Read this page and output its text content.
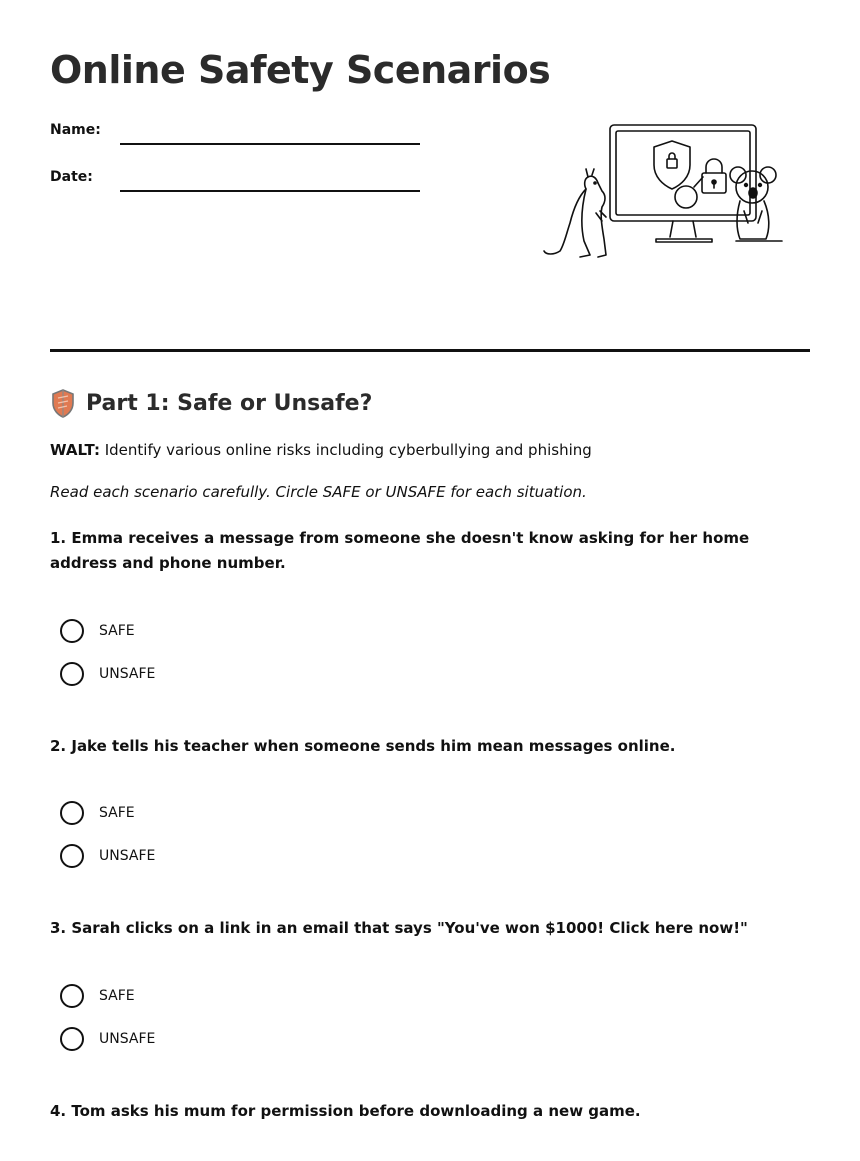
Online Safety Scenarios
Name:
Date:
Part 1: Safe or Unsafe?
WALT: Identify various online risks including cyberbullying and phishing
Read each scenario carefully. Circle SAFE or UNSAFE for each situation.

1. Emma receives a message from someone she doesn't know asking for her home address and phone number.

SAFE
UNSAFE

2. Jake tells his teacher when someone sends him mean messages online.

SAFE
UNSAFE

3. Sarah clicks on a link in an email that says "You've won $1000! Click here now!"

SAFE
UNSAFE

4. Tom asks his mum for permission before downloading a new game.
